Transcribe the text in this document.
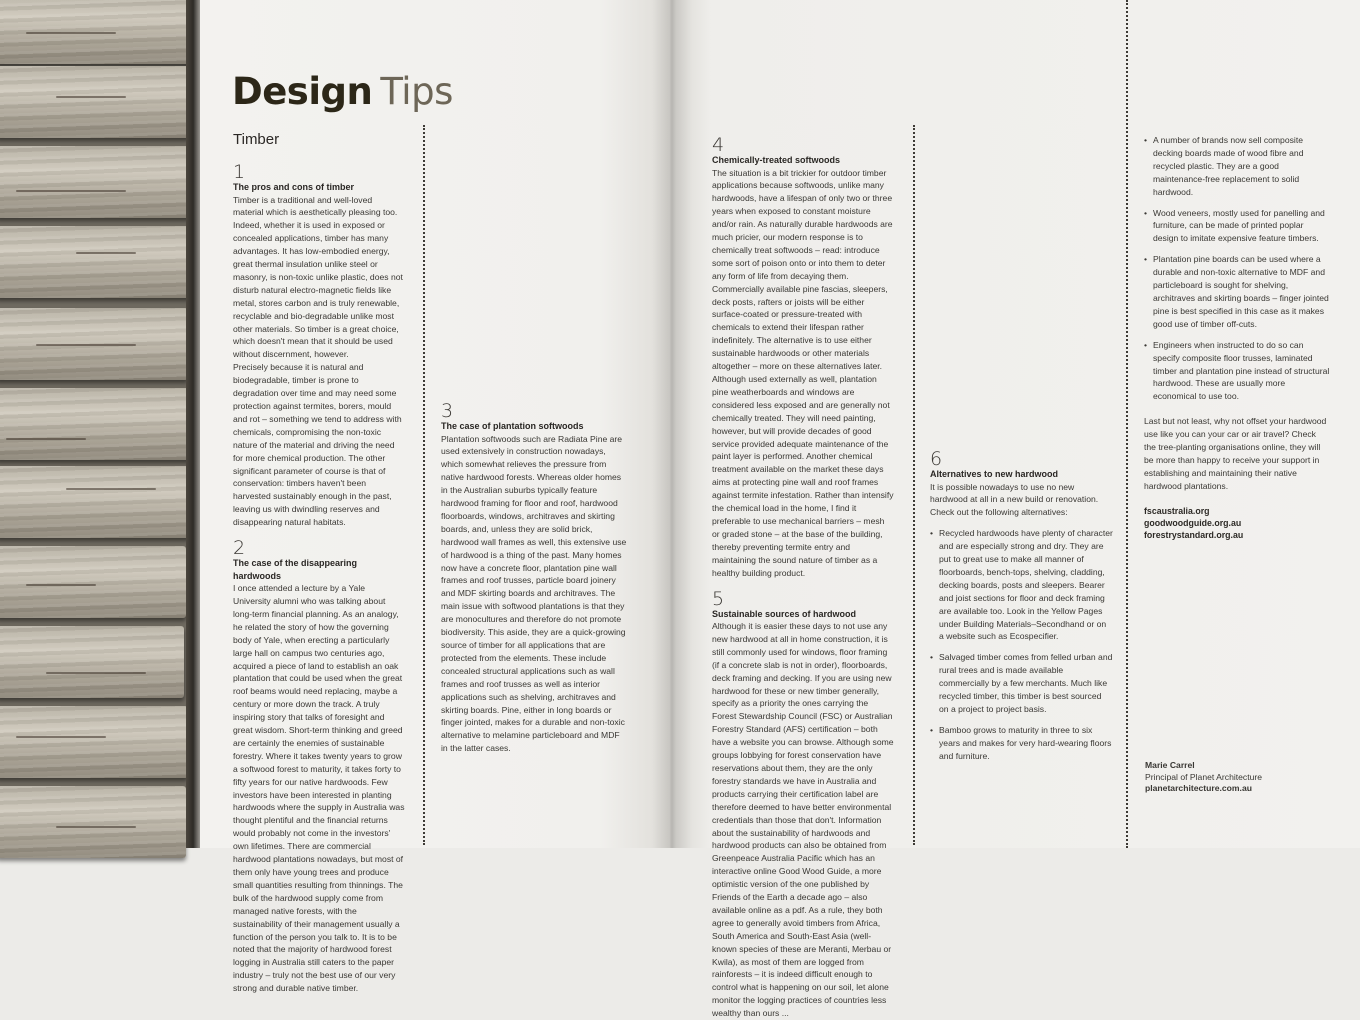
Design Tips
Timber
1
The pros and cons of timber

Timber is a traditional and well-loved material which is aesthetically pleasing too. Indeed, whether it is used in exposed or concealed applications, timber has many advantages. It has low-embodied energy, great thermal insulation unlike steel or masonry, is non-toxic unlike plastic, does not disturb natural electro-magnetic fields like metal, stores carbon and is truly renewable, recyclable and bio-degradable unlike most other materials. So timber is a great choice, which doesn't mean that it should be used without discernment, however.

Precisely because it is natural and biodegradable, timber is prone to degradation over time and may need some protection against termites, borers, mould and rot – something we tend to address with chemicals, compromising the non-toxic nature of the material and driving the need for more chemical production. The other significant parameter of course is that of conservation: timbers haven't been harvested sustainably enough in the past, leaving us with dwindling reserves and disappearing natural habitats.

2
The case of the disappearing hardwoods

I once attended a lecture by a Yale University alumni who was talking about long-term financial planning. As an analogy, he related the story of how the governing body of Yale, when erecting a particularly large hall on campus two centuries ago, acquired a piece of land to establish an oak plantation that could be used when the great roof beams would need replacing, maybe a century or more down the track. A truly inspiring story that talks of foresight and great wisdom. Short-term thinking and greed are certainly the enemies of sustainable forestry. Where it takes twenty years to grow a softwood forest to maturity, it takes forty to fifty years for our native hardwoods. Few investors have been interested in planting hardwoods where the supply in Australia was thought plentiful and the financial returns would probably not come in the investors' own lifetimes. There are commercial hardwood plantations nowadays, but most of them only have young trees and produce small quantities resulting from thinnings. The bulk of the hardwood supply come from managed native forests, with the sustainability of their management usually a function of the person you talk to. It is to be noted that the majority of hardwood forest logging in Australia still caters to the paper industry – truly not the best use of our very strong and durable native timber.

3
The case of plantation softwoods

Plantation softwoods such are Radiata Pine are used extensively in construction nowadays, which somewhat relieves the pressure from native hardwood forests. Whereas older homes in the Australian suburbs typically feature hardwood framing for floor and roof, hardwood floorboards, windows, architraves and skirting boards, and, unless they are solid brick, hardwood wall frames as well, this extensive use of hardwood is a thing of the past. Many homes now have a concrete floor, plantation pine wall frames and roof trusses, particle board joinery and MDF skirting boards and architraves. The main issue with softwood plantations is that they are monocultures and therefore do not promote biodiversity. This aside, they are a quick-growing source of timber for all applications that are protected from the elements. These include concealed structural applications such as wall frames and roof trusses as well as interior applications such as shelving, architraves and skirting boards. Pine, either in long boards or finger jointed, makes for a durable and non-toxic alternative to melamine particleboard and MDF in the latter cases.

4
Chemically-treated softwoods

The situation is a bit trickier for outdoor timber applications because softwoods, unlike many hardwoods, have a lifespan of only two or three years when exposed to constant moisture and/or rain. As naturally durable hardwoods are much pricier, our modern response is to chemically treat softwoods – read: introduce some sort of poison onto or into them to deter any form of life from decaying them. Commercially available pine fascias, sleepers, deck posts, rafters or joists will be either surface-coated or pressure-treated with chemicals to extend their lifespan rather indefinitely. The alternative is to use either sustainable hardwoods or other materials altogether – more on these alternatives later. Although used externally as well, plantation pine weatherboards and windows are considered less exposed and are generally not chemically treated. They will need painting, however, but will provide decades of good service provided adequate maintenance of the paint layer is performed. Another chemical treatment available on the market these days aims at protecting pine wall and roof frames against termite infestation. Rather than intensify the chemical load in the home, I find it preferable to use mechanical barriers – mesh or graded stone – at the base of the building, thereby preventing termite entry and maintaining the sound nature of timber as a healthy building product.

5
Sustainable sources of hardwood

Although it is easier these days to not use any new hardwood at all in home construction, it is still commonly used for windows, floor framing (if a concrete slab is not in order), floorboards, deck framing and decking. If you are using new hardwood for these or new timber generally, specify as a priority the ones carrying the Forest Stewardship Council (FSC) or Australian Forestry Standard (AFS) certification – both have a website you can browse. Although some groups lobbying for forest conservation have reservations about them, they are the only forestry standards we have in Australia and products carrying their certification label are therefore deemed to have better environmental credentials than those that don't. Information about the sustainability of hardwoods and hardwood products can also be obtained from Greenpeace Australia Pacific which has an interactive online Good Wood Guide, a more optimistic version of the one published by Friends of the Earth a decade ago – also available online as a pdf. As a rule, they both agree to generally avoid timbers from Africa, South America and South-East Asia (well-known species of these are Meranti, Merbau or Kwila), as most of them are logged from rainforests – it is indeed difficult enough to control what is happening on our soil, let alone monitor the logging practices of countries less wealthy than ours ...

6
Alternatives to new hardwood

It is possible nowadays to use no new hardwood at all in a new build or renovation. Check out the following alternatives:

• Recycled hardwoods have plenty of character and are especially strong and dry. They are put to great use to make all manner of floorboards, bench-tops, shelving, cladding, decking boards, posts and sleepers. Bearer and joist sections for floor and deck framing are available too. Look in the Yellow Pages under Building Materials–Secondhand or on a website such as Ecospecifier.
• Salvaged timber comes from felled urban and rural trees and is made available commercially by a few merchants. Much like recycled timber, this timber is best sourced on a project to project basis.
• Bamboo grows to maturity in three to six years and makes for very hard-wearing floors and furniture.
• A number of brands now sell composite decking boards made of wood fibre and recycled plastic. They are a good maintenance-free replacement to solid hardwood.
• Wood veneers, mostly used for panelling and furniture, can be made of printed poplar design to imitate expensive feature timbers.
• Plantation pine boards can be used where a durable and non-toxic alternative to MDF and particleboard is sought for shelving, architraves and skirting boards – finger jointed pine is best specified in this case as it makes good use of timber off-cuts.
• Engineers when instructed to do so can specify composite floor trusses, laminated timber and plantation pine instead of structural hardwood. These are usually more economical to use too.

Last but not least, why not offset your hardwood use like you can your car or air travel? Check the tree-planting organisations online, they will be more than happy to receive your support in establishing and maintaining their native hardwood plantations.

fscaustralia.org
goodwoodguide.org.au
forestrystandard.org.au
Marie Carrel
Principal of Planet Architecture
planetarchitecture.com.au
